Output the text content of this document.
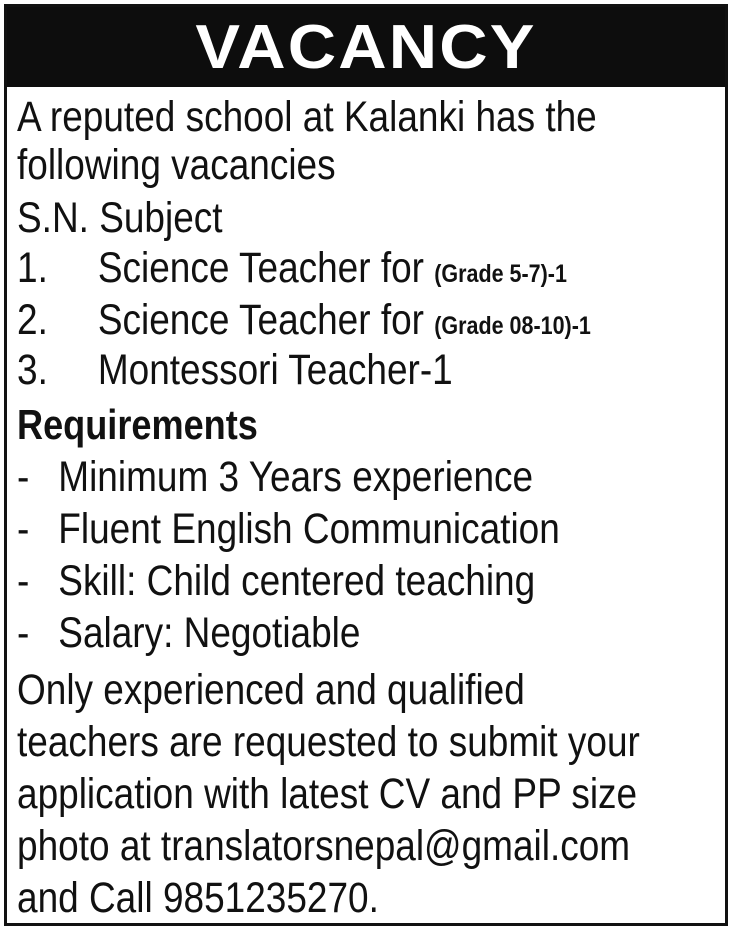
VACANCY
A reputed school at Kalanki has the
following vacancies
S.N. Subject
1. Science Teacher for (Grade 5-7)-1
2. Science Teacher for (Grade 08-10)-1
3. Montessori Teacher-1
Requirements
- Minimum 3 Years experience
- Fluent English Communication
- Skill: Child centered teaching
- Salary: Negotiable
Only experienced and qualified
teachers are requested to submit your
application with latest CV and PP size
photo at translatorsnepal@gmail.com
and Call 9851235270.
